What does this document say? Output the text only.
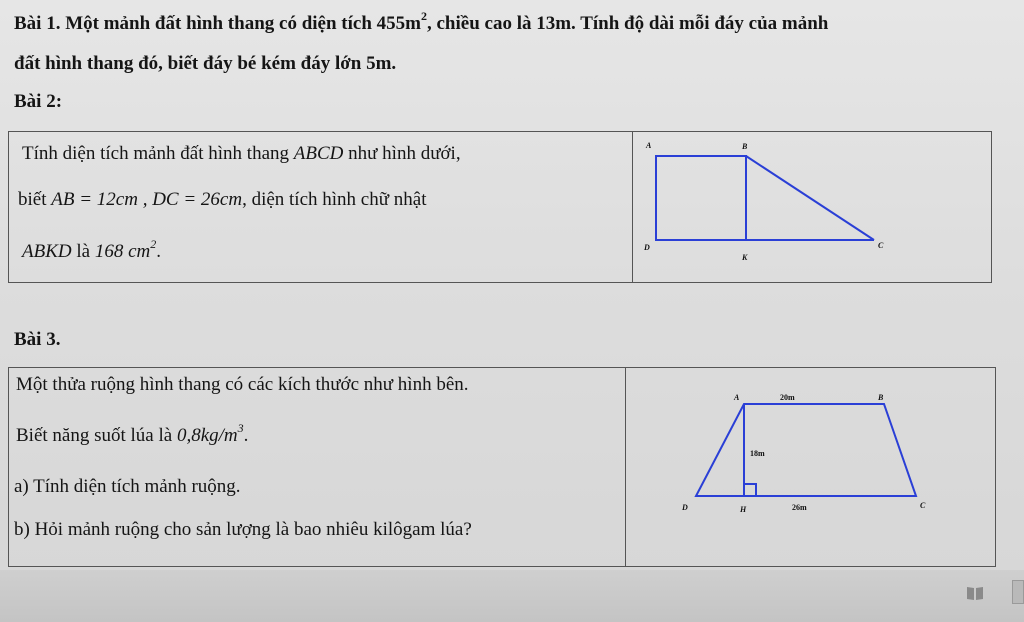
Bài 1. Một mảnh đất hình thang có diện tích $455m^2$, chiều cao là 13m. Tính độ dài mỗi đáy của mảnh
đất hình thang đó, biết đáy bé kém đáy lớn 5m.
Bài 2:
Tính diện tích mảnh đất hình thang ABCD như hình dưới,
biết AB = 12cm , DC = 26cm, diện tích hình chữ nhật
ABKD là 168 $cm^2$.
A	B
D
K
C
Bài 3.
Một thửa ruộng hình thang có các kích thước như hình bên.
Biết năng suốt lúa là $0,8kg/m^3$.
a) Tính diện tích mảnh ruộng.
b) Hỏi mảnh ruộng cho sản lượng là bao nhiêu kilôgam lúa?
A	20m	B
18m
D	H	26m	C
